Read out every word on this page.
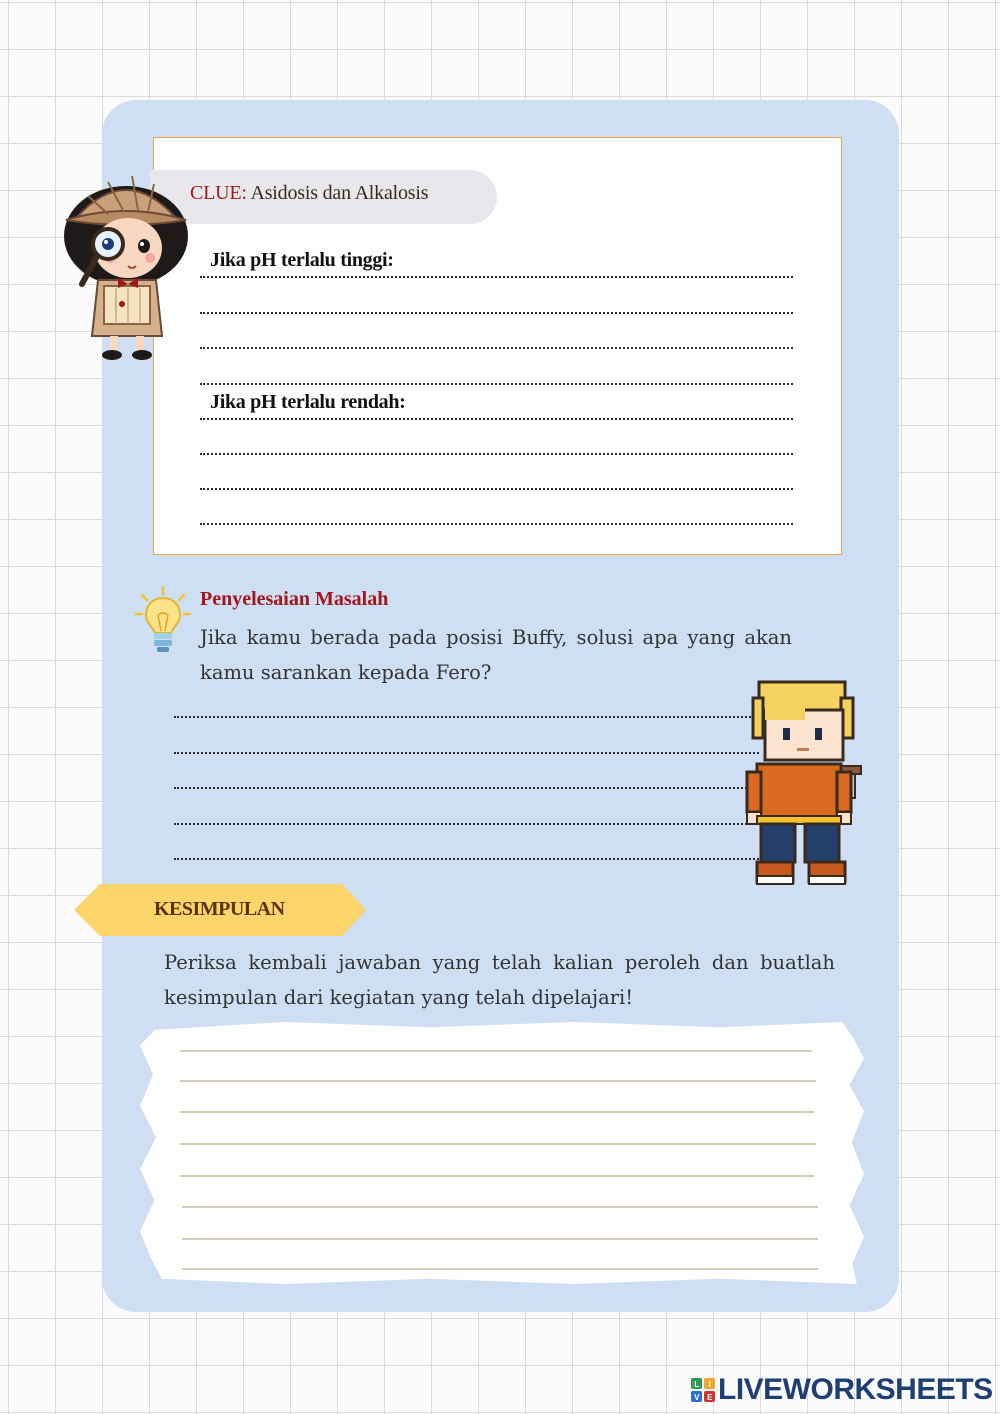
CLUE: Asidosis dan Alkalosis
Jika pH terlalu tinggi:
Jika pH terlalu rendah:
Penyelesaian Masalah
Jika kamu berada pada posisi Buffy, solusi apa yang akan kamu sarankan kepada Fero?
KESIMPULAN
Periksa kembali jawaban yang telah kalian peroleh dan buatlah kesimpulan dari kegiatan yang telah dipelajari!
L I
V E LIVEWORKSHEETS
